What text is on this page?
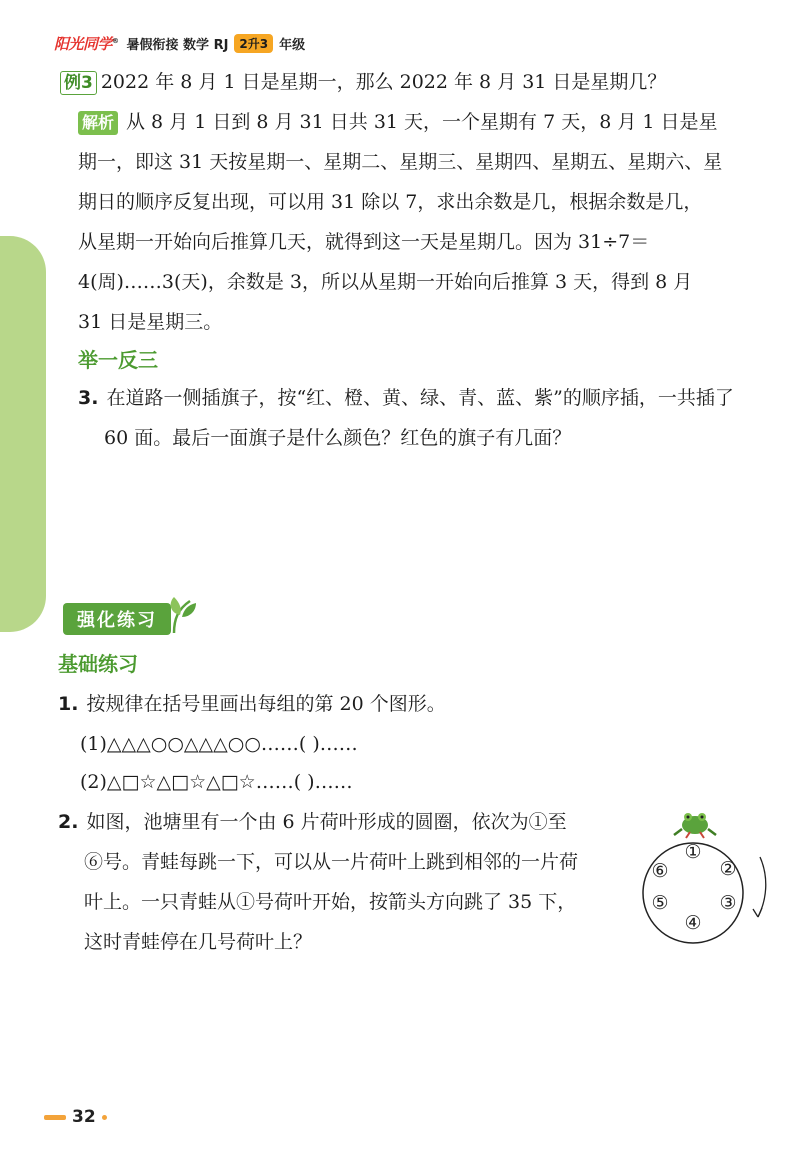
阳光同学® 暑假衔接 数学 RJ 2升3 年级
例3 2022 年 8 月 1 日是星期一，那么 2022 年 8 月 31 日是星期几？
解析 从 8 月 1 日到 8 月 31 日共 31 天，一个星期有 7 天，8 月 1 日是星
期一，即这 31 天按星期一、星期二、星期三、星期四、星期五、星期六、星
期日的顺序反复出现，可以用 31 除以 7，求出余数是几，根据余数是几，
从星期一开始向后推算几天，就得到这一天是星期几。因为 31÷7＝
4(周)……3(天)，余数是 3，所以从星期一开始向后推算 3 天，得到 8 月
31 日是星期三。
举一反三
3. 在道路一侧插旗子，按“红、橙、黄、绿、青、蓝、紫”的顺序插，一共插了
60 面。最后一面旗子是什么颜色？红色的旗子有几面？
强化练习
基础练习
1. 按规律在括号里画出每组的第 20 个图形。
(1)△△△○○△△△○○……( )……
(2)△□☆△□☆△□☆……( )……
2. 如图，池塘里有一个由 6 片荷叶形成的圆圈，依次为①至
⑥号。青蛙每跳一下，可以从一片荷叶上跳到相邻的一片荷
叶上。一只青蛙从①号荷叶开始，按箭头方向跳了 35 下，
这时青蛙停在几号荷叶上？
①
②
③
④
⑤
⑥
32
